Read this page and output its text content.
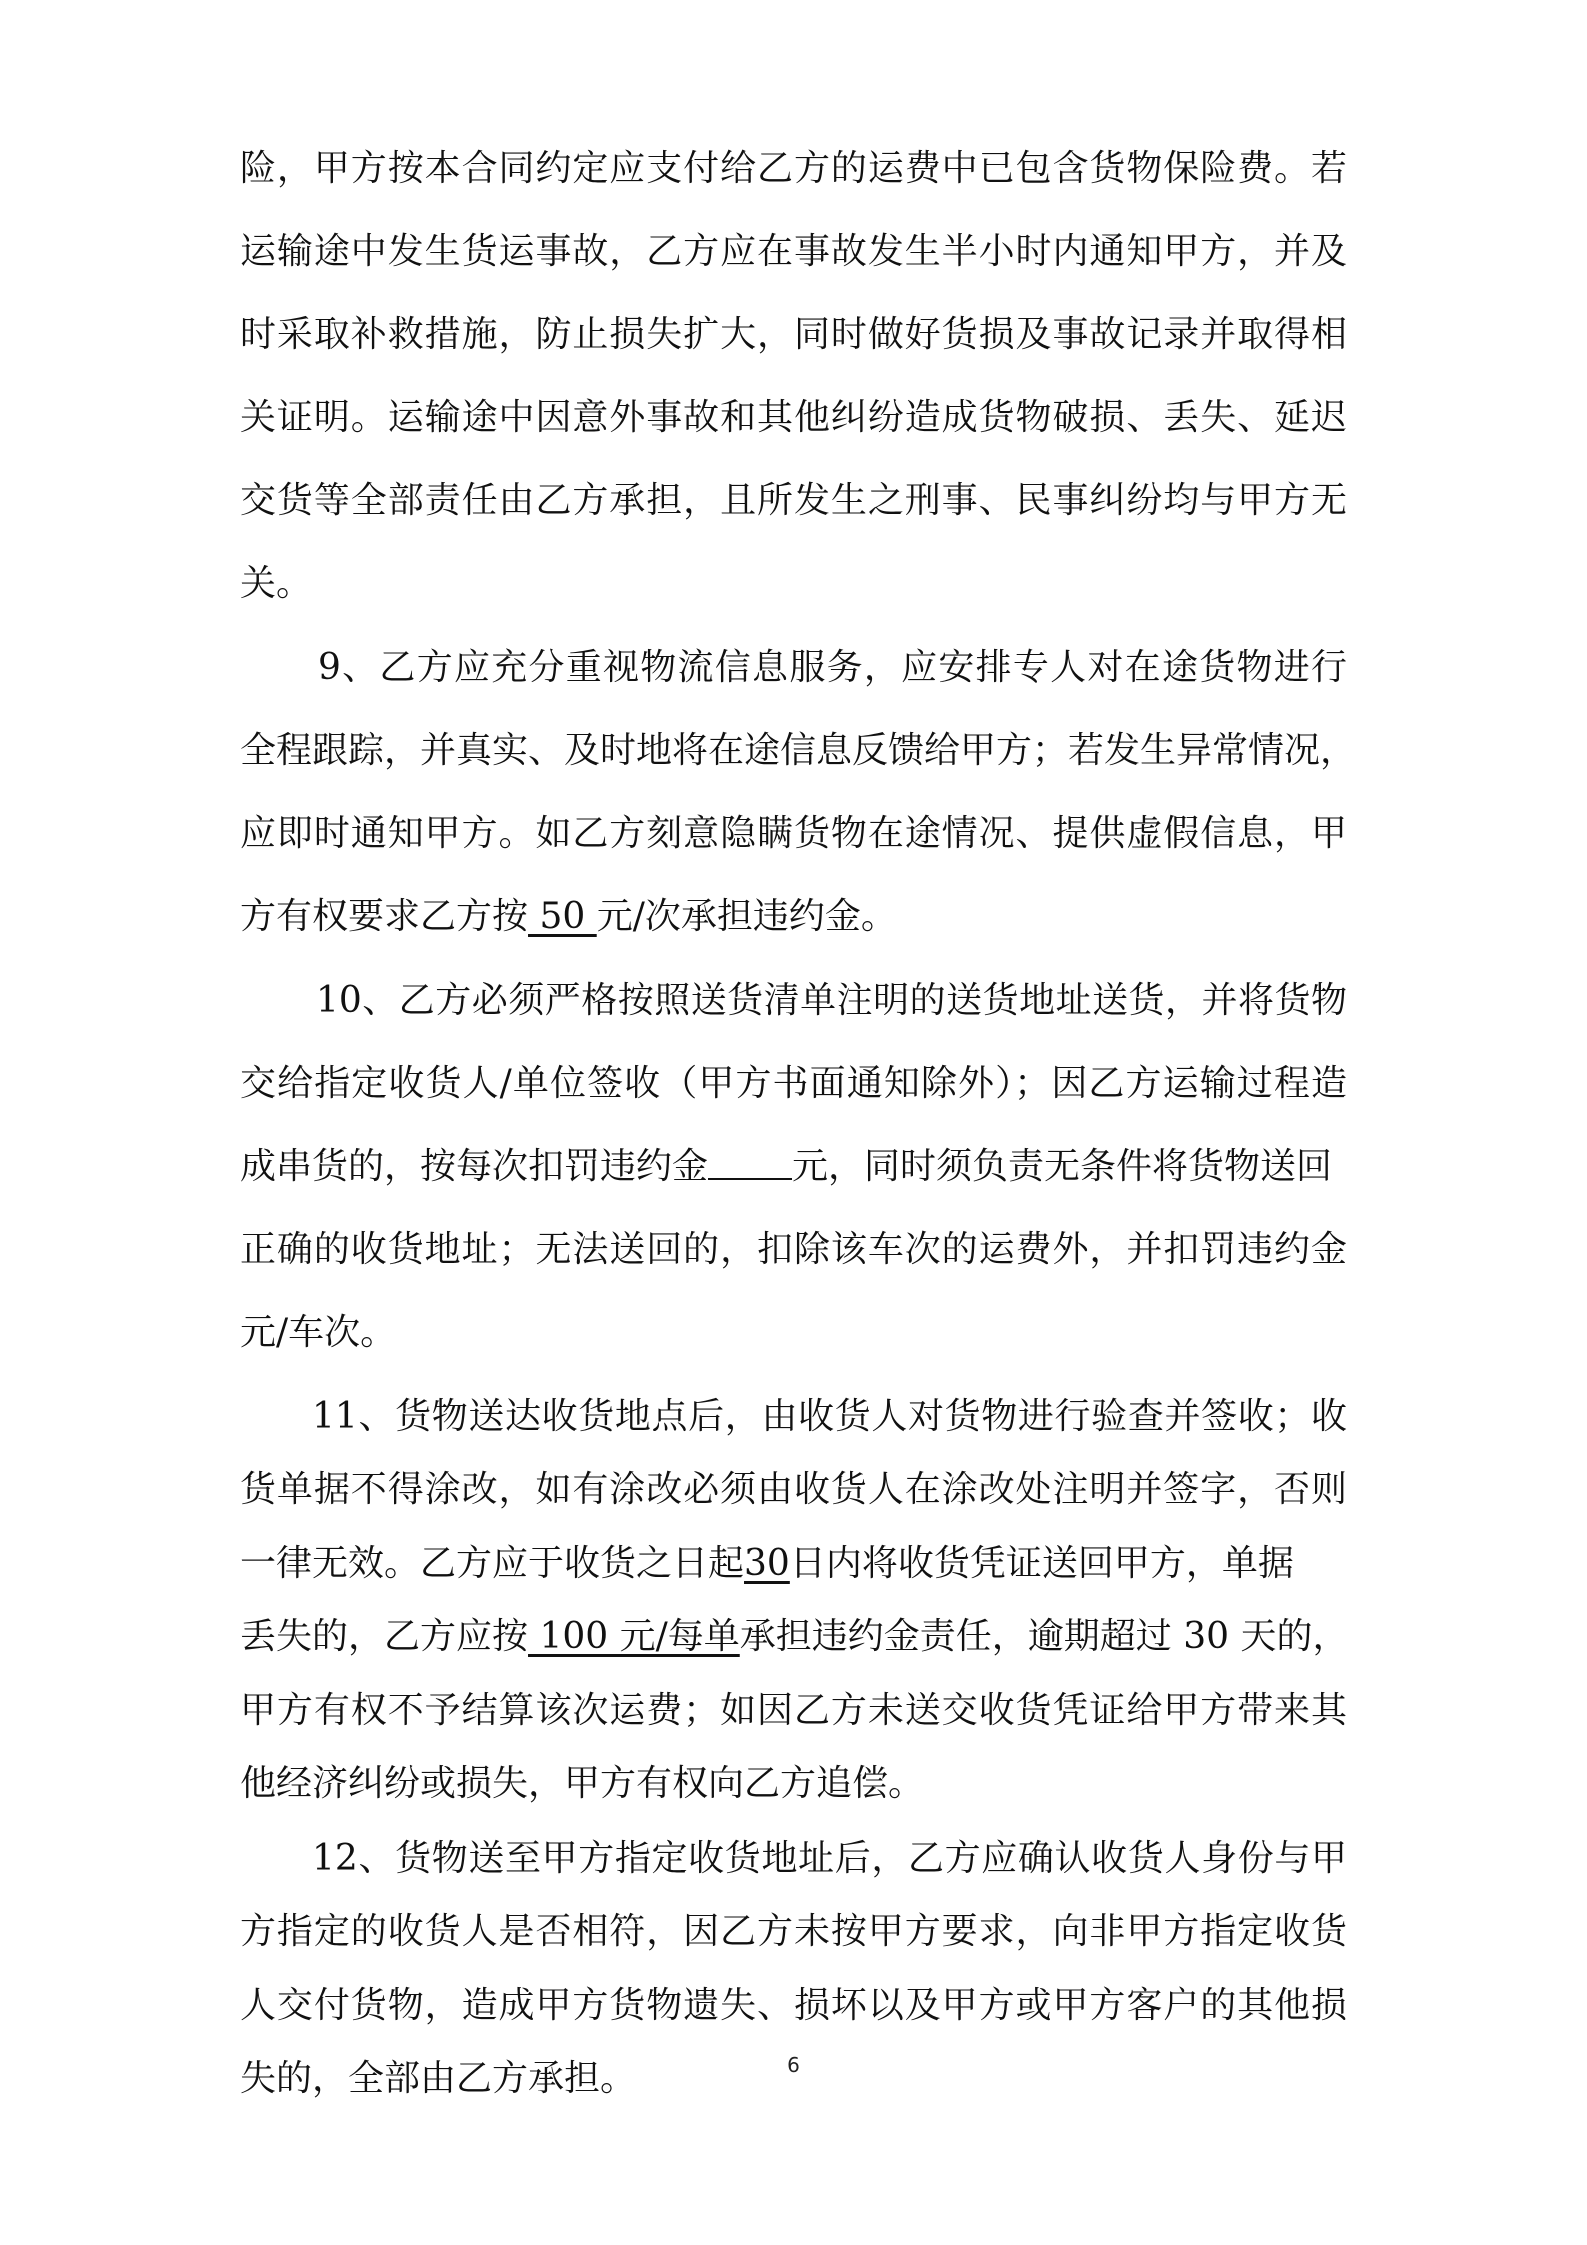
险，甲方按本合同约定应支付给乙方的运费中已包含货物保险费。若
运输途中发生货运事故，乙方应在事故发生半小时内通知甲方，并及
时采取补救措施，防止损失扩大，同时做好货损及事故记录并取得相
关证明。运输途中因意外事故和其他纠纷造成货物破损、丢失、延迟
交货等全部责任由乙方承担，且所发生之刑事、民事纠纷均与甲方无
关。
9、乙方应充分重视物流信息服务，应安排专人对在途货物进行
全程跟踪，并真实、及时地将在途信息反馈给甲方；若发生异常情况，
应即时通知甲方。如乙方刻意隐瞒货物在途情况、提供虚假信息，甲
方有权要求乙方按 50 元/次承担违约金。
10、乙方必须严格按照送货清单注明的送货地址送货，并将货物
交给指定收货人/单位签收（甲方书面通知除外）；因乙方运输过程造
成串货的，按每次扣罚违约金 元，同时须负责无条件将货物送回
正确的收货地址；无法送回的，扣除该车次的运费外，并扣罚违约金
元/车次。
11、货物送达收货地点后，由收货人对货物进行验查并签收；收
货单据不得涂改，如有涂改必须由收货人在涂改处注明并签字，否则
一律无效。乙方应于收货之日起30日内将收货凭证送回甲方，单据
丢失的，乙方应按 100 元/每单承担违约金责任，逾期超过 30 天的，
甲方有权不予结算该次运费；如因乙方未送交收货凭证给甲方带来其
他经济纠纷或损失，甲方有权向乙方追偿。
12、货物送至甲方指定收货地址后，乙方应确认收货人身份与甲
方指定的收货人是否相符，因乙方未按甲方要求，向非甲方指定收货
人交付货物，造成甲方货物遗失、损坏以及甲方或甲方客户的其他损
失的，全部由乙方承担。	6
